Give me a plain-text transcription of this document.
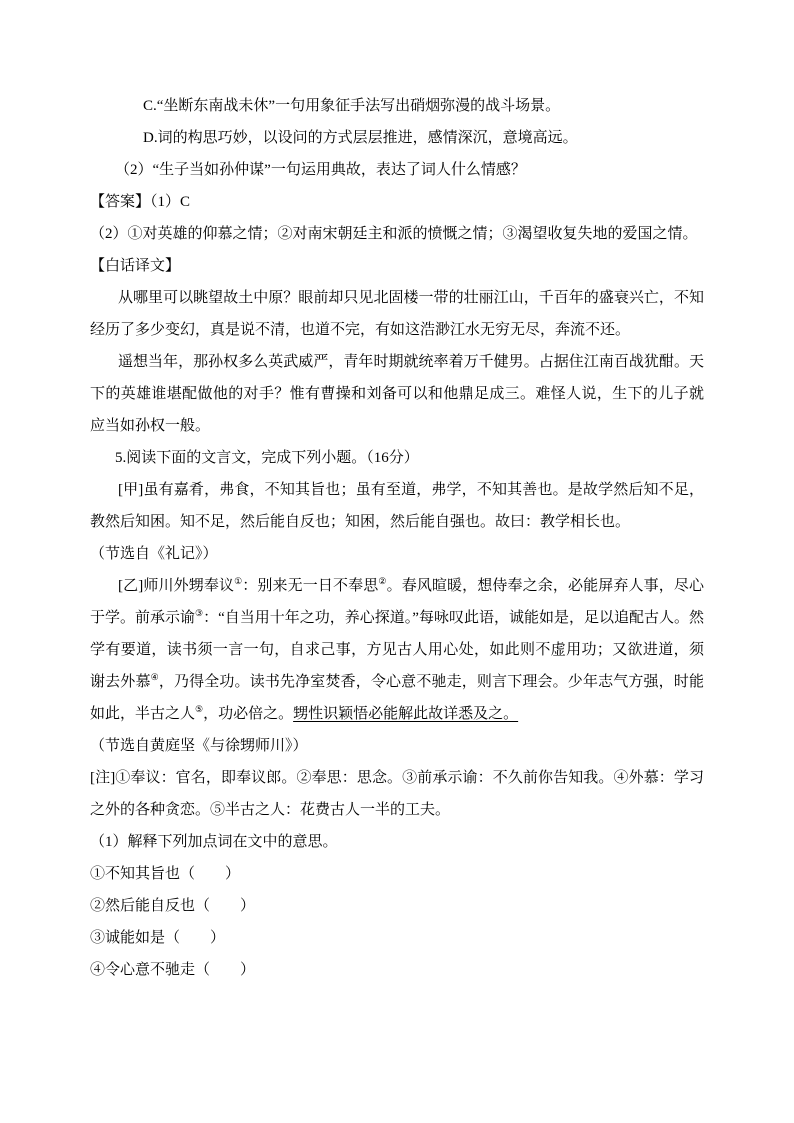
C.“坐断东南战未休”一句用象征手法写出硝烟弥漫的战斗场景。

D.词的构思巧妙，以设问的方式层层推进，感情深沉，意境高远。

（2）“生子当如孙仲谋”一句运用典故，表达了词人什么情感？

【答案】（1）C

（2）①对英雄的仰慕之情；②对南宋朝廷主和派的愤慨之情；③渴望收复失地的爱国之情。

【白话译文】

从哪里可以眺望故土中原？眼前却只见北固楼一带的壮丽江山，千百年的盛衰兴亡，不知经历了多少变幻，真是说不清，也道不完，有如这浩渺江水无穷无尽，奔流不还。

遥想当年，那孙权多么英武威严，青年时期就统率着万千健男。占据住江南百战犹酣。天下的英雄谁堪配做他的对手？惟有曹操和刘备可以和他鼎足成三。难怪人说，生下的儿子就应当如孙权一般。

5.阅读下面的文言文，完成下列小题。（16分）

[甲]虽有嘉肴，弗食，不知其旨也；虽有至道，弗学，不知其善也。是故学然后知不足，教然后知困。知不足，然后能自反也；知困，然后能自强也。故曰：教学相长也。

（节选自《礼记》）

[乙]师川外甥奉议①：别来无一日不奉思②。春风暄暖，想侍奉之余，必能屏弃人事，尽心于学。前承示谕③：“自当用十年之功，养心探道。”每咏叹此语，诚能如是，足以追配古人。然学有要道，读书须一言一句，自求己事，方见古人用心处，如此则不虚用功；又欲进道，须谢去外慕④，乃得全功。读书先净室焚香，令心意不驰走，则言下理会。少年志气方强，时能如此，半古之人⑤，功必倍之。甥性识颖悟必能解此故详悉及之。

（节选自黄庭坚《与徐甥师川》）

[注]①奉议：官名，即奉议郎。②奉思：思念。③前承示谕：不久前你告知我。④外慕：学习之外的各种贪恋。⑤半古之人：花费古人一半的工夫。

（1）解释下列加点词在文中的意思。

①不知其旨也（　　）

②然后能自反也（　　）

③诚能如是（　　）

④令心意不驰走（　　）
